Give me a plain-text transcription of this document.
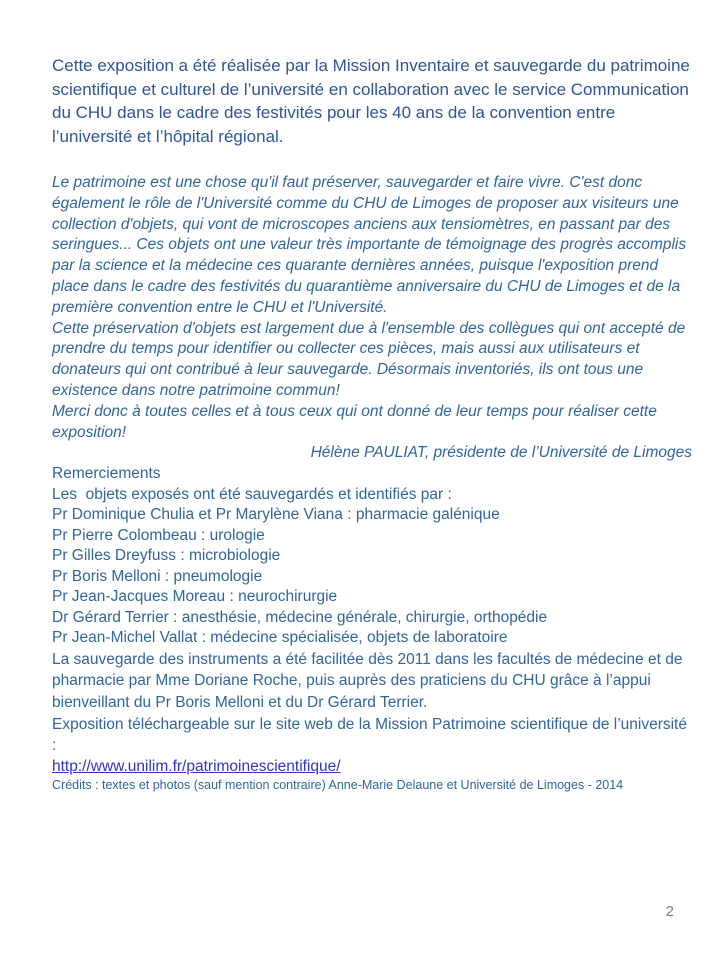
Cette exposition a été réalisée par la Mission Inventaire et sauvegarde du patrimoine scientifique et culturel de l’université en collaboration avec le service Communication du CHU dans le cadre des festivités pour les 40 ans de la convention entre l’université et l’hôpital régional.

Le patrimoine est une chose qu'il faut préserver, sauvegarder et faire vivre. C'est donc également le rôle de l'Université comme du CHU de Limoges de proposer aux visiteurs une collection d'objets, qui vont de microscopes anciens aux tensiomètres, en passant par des seringues... Ces objets ont une valeur très importante de témoignage des progrès accomplis par la science et la médecine ces quarante dernières années, puisque l'exposition prend place dans le cadre des festivités du quarantième anniversaire du CHU de Limoges et de la première convention entre le CHU et l'Université.

Cette préservation d'objets est largement due à l'ensemble des collègues qui ont accepté de prendre du temps pour identifier ou collecter ces pièces, mais aussi aux utilisateurs et donateurs qui ont contribué à leur sauvegarde. Désormais inventoriés, ils ont tous une existence dans notre patrimoine commun!

Merci donc à toutes celles et à tous ceux qui ont donné de leur temps pour réaliser cette exposition!

Hélène PAULIAT, présidente de l’Université de Limoges

Remerciements

Les  objets exposés ont été sauvegardés et identifiés par :

Pr Dominique Chulia et Pr Marylène Viana : pharmacie galénique
Pr Pierre Colombeau : urologie
Pr Gilles Dreyfuss : microbiologie
Pr Boris Melloni : pneumologie
Pr Jean-Jacques Moreau : neurochirurgie
Dr Gérard Terrier : anesthésie, médecine générale, chirurgie, orthopédie
Pr Jean-Michel Vallat : médecine spécialisée, objets de laboratoire

La sauvegarde des instruments a été facilitée dès 2011 dans les facultés de médecine et de pharmacie par Mme Doriane Roche, puis auprès des praticiens du CHU grâce à l’appui bienveillant du Pr Boris Melloni et du Dr Gérard Terrier.

Exposition téléchargeable sur le site web de la Mission Patrimoine scientifique de l’université :

http://www.unilim.fr/patrimoinescientifique/

Crédits : textes et photos (sauf mention contraire) Anne-Marie Delaune et Université de Limoges - 2014

2
